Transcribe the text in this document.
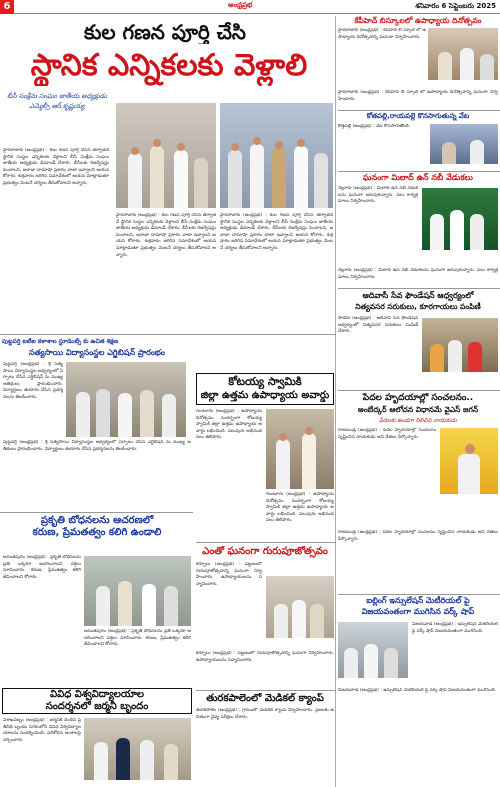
6	ఆంధ్రప్రభ	శనివారం 6 సెప్టెంబరు 2025
కుల గణన పూర్తి చేసి
స్థానిక ఎన్నికలకు వెళ్లాలి
బీసీ సంక్షేమ సంఘం జాతీయ అధ్యక్షుడు
ఎమ్మెల్సీ ఆర్.కృష్ణయ్య
హైదరాబాద్ (ఆంధ్రప్రభ) : కుల గణన పూర్తి చేసిన తర్వాతనే స్థానిక సంస్థల ఎన్నికలకు వెళ్లాలని బీసీ సంక్షేమ సంఘం జాతీయ అధ్యక్షుడు డిమాండ్ చేశారు. బీసీలకు రిజర్వేషన్లు పెంచాలని, జనాభా దామాషా ప్రకారం వాటా ఇవ్వాలని ఆయన కోరారు. శుక్రవారం జరిగిన సమావేశంలో ఆయన మాట్లాడుతూ ప్రభుత్వం వెంటనే చర్యలు తీసుకోవాలని అన్నారు.
హైదరాబాద్ (ఆంధ్రప్రభ) : కుల గణన పూర్తి చేసిన తర్వాతనే స్థానిక సంస్థల ఎన్నికలకు వెళ్లాలని బీసీ సంక్షేమ సంఘం జాతీయ అధ్యక్షుడు డిమాండ్ చేశారు. బీసీలకు రిజర్వేషన్లు పెంచాలని, జనాభా దామాషా ప్రకారం వాటా ఇవ్వాలని ఆయన కోరారు. శుక్రవారం జరిగిన సమావేశంలో ఆయన మాట్లాడుతూ ప్రభుత్వం వెంటనే చర్యలు తీసుకోవాలని అన్నారు.
హైదరాబాద్ (ఆంధ్రప్రభ) : కుల గణన పూర్తి చేసిన తర్వాతనే స్థానిక సంస్థల ఎన్నికలకు వెళ్లాలని బీసీ సంక్షేమ సంఘం జాతీయ అధ్యక్షుడు డిమాండ్ చేశారు. బీసీలకు రిజర్వేషన్లు పెంచాలని, జనాభా దామాషా ప్రకారం వాటా ఇవ్వాలని ఆయన కోరారు. శుక్రవారం జరిగిన సమావేశంలో ఆయన మాట్లాడుతూ ప్రభుత్వం వెంటనే చర్యలు తీసుకోవాలని అన్నారు.
పుట్టపర్తి ఐటీఐ కళాశాల స్టూడెంట్స్ కు ఉచిత శిక్షణ
సత్యసాయి విద్యాసంస్థల ఎగ్జిబిషన్ ప్రారంభం
పుట్టపర్తి (ఆంధ్రప్రభ) : శ్రీ సత్యసాయి విద్యాసంస్థల ఆధ్వర్యంలో ఏర్పాటు చేసిన ఎగ్జిబిషన్ ను ముఖ్య అతిథులు ప్రారంభించారు. విద్యార్థులు తయారు చేసిన ప్రదర్శనలను తిలకించారు.
పుట్టపర్తి (ఆంధ్రప్రభ) : శ్రీ సత్యసాయి విద్యాసంస్థల ఆధ్వర్యంలో ఏర్పాటు చేసిన ఎగ్జిబిషన్ ను ముఖ్య అతిథులు ప్రారంభించారు. విద్యార్థులు తయారు చేసిన ప్రదర్శనలను తిలకించారు.
ప్రకృతి బోధనలను ఆచరణలో
కరుణ, ప్రేమతత్వం కలిగి ఉండాలి
అనంతపురం (ఆంధ్రప్రభ) : ప్రకృతి బోధనలను ప్రతి ఒక్కరూ ఆచరించాలని వక్తలు సూచించారు. కరుణ, ప్రేమతత్వం కలిగి జీవించాలని కోరారు.
అనంతపురం (ఆంధ్రప్రభ) : ప్రకృతి బోధనలను ప్రతి ఒక్కరూ ఆచరించాలని వక్తలు సూచించారు. కరుణ, ప్రేమతత్వం కలిగి జీవించాలని కోరారు.
వివిధ విశ్వవిద్యాలయాల
సందర్శనలో జర్మనీ బృందం
విశాఖపట్నం (ఆంధ్రప్రభ) : జర్మనీకి చెందిన ప్రతినిధి బృందం నగరంలోని వివిధ విశ్వవిద్యాలయాలను సందర్శించింది. పరిశోధన అంశాలపై చర్చించారు.
కోటయ్య స్వామికి
జిల్లా ఉత్తమ ఉపాధ్యాయ అవార్డు
గుంటూరు (ఆంధ్రప్రభ) : ఉపాధ్యాయ దినోత్సవం సందర్భంగా కోటయ్య స్వామికి జిల్లా ఉత్తమ ఉపాధ్యాయ అవార్డు లభించింది. పలువురు అభినందనలు తెలిపారు.
గుంటూరు (ఆంధ్రప్రభ) : ఉపాధ్యాయ దినోత్సవం సందర్భంగా కోటయ్య స్వామికి జిల్లా ఉత్తమ ఉపాధ్యాయ అవార్డు లభించింది. పలువురు అభినందనలు తెలిపారు.
ఎంతో ఘనంగా గురుపూజోత్సవం
కర్నూలు (ఆంధ్రప్రభ) : పట్టణంలో గురుపూజోత్సవాన్ని ఘనంగా నిర్వహించారు. ఉపాధ్యాయులను సన్మానించారు.
కర్నూలు (ఆంధ్రప్రభ) : పట్టణంలో గురుపూజోత్సవాన్ని ఘనంగా నిర్వహించారు. ఉపాధ్యాయులను సన్మానించారు.
తురకపాలెంలో మెడికల్ క్యాంప్
తురకపాలెం (ఆంధ్రప్రభ) : గ్రామంలో మెడికల్ క్యాంప్ నిర్వహించారు. ప్రజలకు ఉచితంగా వైద్య పరీక్షలు చేశారు.
కేపీహెచ్ బిస్కూలలో ఉపాధ్యాయ దినోత్సవం
హైదరాబాద్ (ఆంధ్రప్రభ) : కేపీహెచ్ బి స్కూల్ లో ఉపాధ్యాయ దినోత్సవాన్ని ఘనంగా నిర్వహించారు.
హైదరాబాద్ (ఆంధ్రప్రభ) : కేపీహెచ్ బి స్కూల్ లో ఉపాధ్యాయ దినోత్సవాన్ని ఘనంగా నిర్వహించారు.
కోతపల్లి,రాయపల్లె కొనసాగుతున్న వేట
కొత్తపల్లి (ఆంధ్రప్రభ) : వేట కొనసాగుతోంది.
ఘనంగా మిలాద్ ఉన్ నబీ వేడుకలు
నెల్లూరు (ఆంధ్రప్రభ) : మిలాద్ ఉన్ నబీ వేడుకలను ఘనంగా జరుపుకున్నారు. పలు కార్యక్రమాలు నిర్వహించారు.
నెల్లూరు (ఆంధ్రప్రభ) : మిలాద్ ఉన్ నబీ వేడుకలను ఘనంగా జరుపుకున్నారు. పలు కార్యక్రమాలు నిర్వహించారు.
ఆదివాసీ సేవ ఫౌండేషన్ ఆధ్వర్యంలో
నిత్యవసర సరుకులు, కూరగాయలు పంపిణీ
పాడేరు (ఆంధ్రప్రభ) : ఆదివాసీ సేవ ఫౌండేషన్ ఆధ్వర్యంలో నిత్యవసర సరుకులు పంపిణీ చేశారు.
పేదల హృదయాల్లో సంచలనం..
అంబేద్కర్ ఆలోచన విధానమే వైఎస్ జగన్
పేదలకు అండగా నిలిచిన నాయకుడు
రాజమండ్రి (ఆంధ్రప్రభ) : పేదల హృదయాల్లో సంచలనం సృష్టించిన నాయకుడు అని నేతలు పేర్కొన్నారు.
రాజమండ్రి (ఆంధ్రప్రభ) : పేదల హృదయాల్లో సంచలనం సృష్టించిన నాయకుడు అని నేతలు పేర్కొన్నారు.
ఐల్లింగ్ ఇన్సులేషన్ మెటీరియల్ పై
విజయవంతంగా ముగిసిన వర్క్ షాప్
విజయవాడ (ఆంధ్రప్రభ) : ఇన్సులేషన్ మెటీరియల్ పై వర్క్ షాప్ విజయవంతంగా ముగిసింది.
విజయవాడ (ఆంధ్రప్రభ) : ఇన్సులేషన్ మెటీరియల్ పై వర్క్ షాప్ విజయవంతంగా ముగిసింది.
